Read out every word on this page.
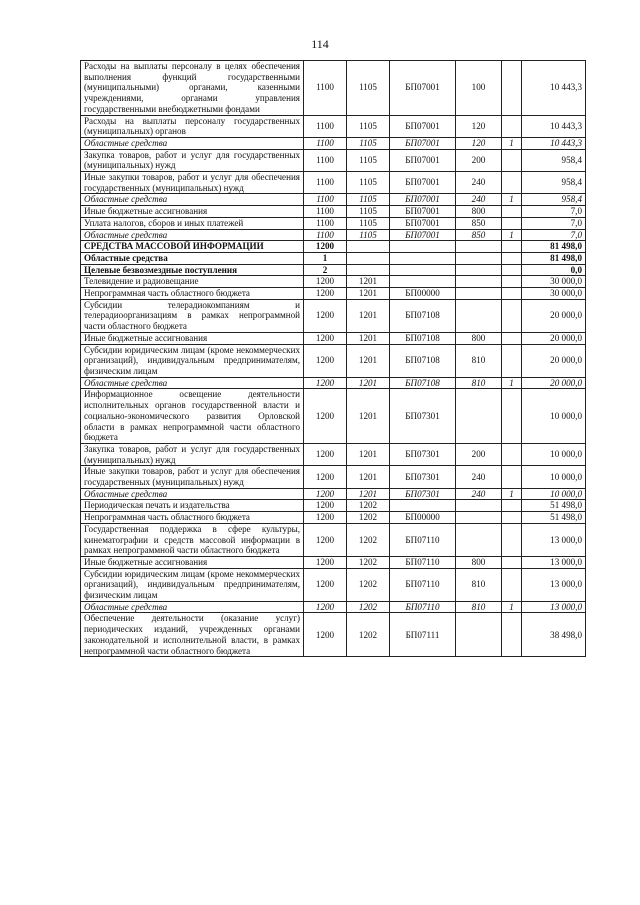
114
Расходы на выплаты персоналу в целях обеспечения выполнения функций государственными (муниципальными) органами, казенными учреждениями, органами управления государственными внебюджетными фондами	1100	1105	БП07001	100		10 443,3
Расходы на выплаты персоналу государственных (муниципальных) органов	1100	1105	БП07001	120		10 443,3
Областные средства	1100	1105	БП07001	120	1	10 443,3
Закупка товаров, работ и услуг для государственных (муниципальных) нужд	1100	1105	БП07001	200		958,4
Иные закупки товаров, работ и услуг для обеспечения государственных (муниципальных) нужд	1100	1105	БП07001	240		958,4
Областные средства	1100	1105	БП07001	240	1	958,4
Иные бюджетные ассигнования	1100	1105	БП07001	800		7,0
Уплата налогов, сборов и иных платежей	1100	1105	БП07001	850		7,0
Областные средства	1100	1105	БП07001	850	1	7,0
СРЕДСТВА МАССОВОЙ ИНФОРМАЦИИ	1200					81 498,0
Областные средства	1					81 498,0
Целевые безвозмездные поступления	2					0,0
Телевидение и радиовещание	1200	1201				30 000,0
Непрограммная часть областного бюджета	1200	1201	БП00000			30 000,0
Субсидии телерадиокомпаниям и телерадиоорганизациям в рамках непрограммной части областного бюджета	1200	1201	БП07108			20 000,0
Иные бюджетные ассигнования	1200	1201	БП07108	800		20 000,0
Субсидии юридическим лицам (кроме некоммерческих организаций), индивидуальным предпринимателям, физическим лицам	1200	1201	БП07108	810		20 000,0
Областные средства	1200	1201	БП07108	810	1	20 000,0
Информационное освещение деятельности исполнительных органов государственной власти и социально-экономического развития Орловской области в рамках непрограммной части областного бюджета	1200	1201	БП07301			10 000,0
Закупка товаров, работ и услуг для государственных (муниципальных) нужд	1200	1201	БП07301	200		10 000,0
Иные закупки товаров, работ и услуг для обеспечения государственных (муниципальных) нужд	1200	1201	БП07301	240		10 000,0
Областные средства	1200	1201	БП07301	240	1	10 000,0
Периодическая печать и издательства	1200	1202				51 498,0
Непрограммная часть областного бюджета	1200	1202	БП00000			51 498,0
Государственная поддержка в сфере культуры, кинематографии и средств массовой информации в рамках непрограммной части областного бюджета	1200	1202	БП07110			13 000,0
Иные бюджетные ассигнования	1200	1202	БП07110	800		13 000,0
Субсидии юридическим лицам (кроме некоммерческих организаций), индивидуальным предпринимателям, физическим лицам	1200	1202	БП07110	810		13 000,0
Областные средства	1200	1202	БП07110	810	1	13 000,0
Обеспечение деятельности (оказание услуг) периодических изданий, учрежденных органами законодательной и исполнительной власти, в рамках непрограммной части областного бюджета	1200	1202	БП07111			38 498,0
